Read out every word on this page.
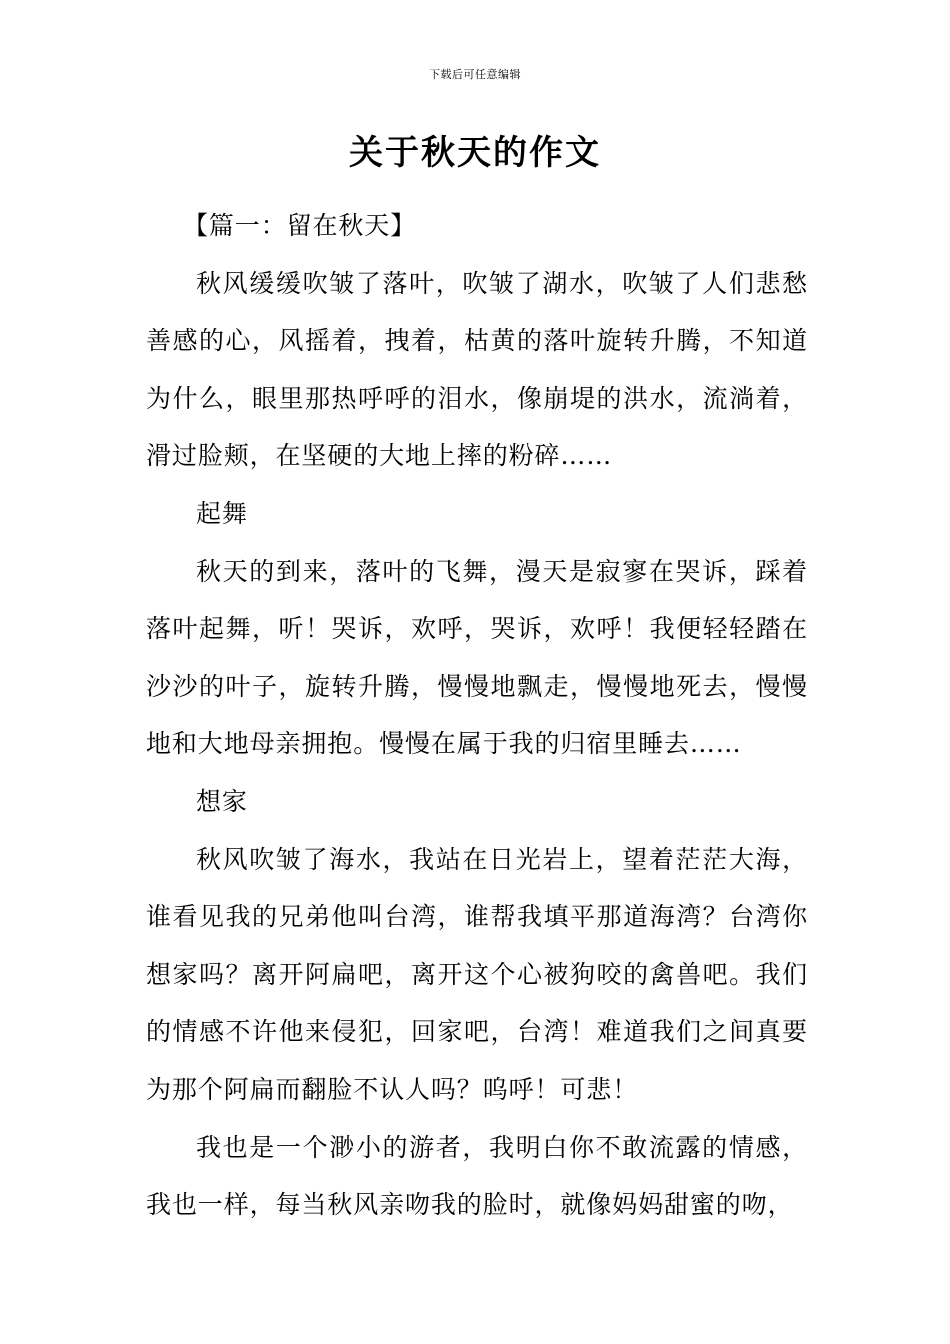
下载后可任意编辑
关于秋天的作文

【篇一：留在秋天】

秋风缓缓吹皱了落叶，吹皱了湖水，吹皱了人们悲愁善感的心，风摇着，拽着，枯黄的落叶旋转升腾，不知道为什么，眼里那热呼呼的泪水，像崩堤的洪水，流淌着，滑过脸颊，在坚硬的大地上摔的粉碎……

起舞

秋天的到来，落叶的飞舞，漫天是寂寥在哭诉，踩着落叶起舞，听！哭诉，欢呼，哭诉，欢呼！我便轻轻踏在沙沙的叶子，旋转升腾，慢慢地飘走，慢慢地死去，慢慢地和大地母亲拥抱。慢慢在属于我的归宿里睡去……

想家

秋风吹皱了海水，我站在日光岩上，望着茫茫大海，谁看见我的兄弟他叫台湾，谁帮我填平那道海湾？台湾你想家吗？离开阿扁吧，离开这个心被狗咬的禽兽吧。我们的情感不许他来侵犯，回家吧，台湾！难道我们之间真要为那个阿扁而翻脸不认人吗？呜呼！可悲！

我也是一个渺小的游者，我明白你不敢流露的情感，我也一样，每当秋风亲吻我的脸时，就像妈妈甜蜜的吻，
